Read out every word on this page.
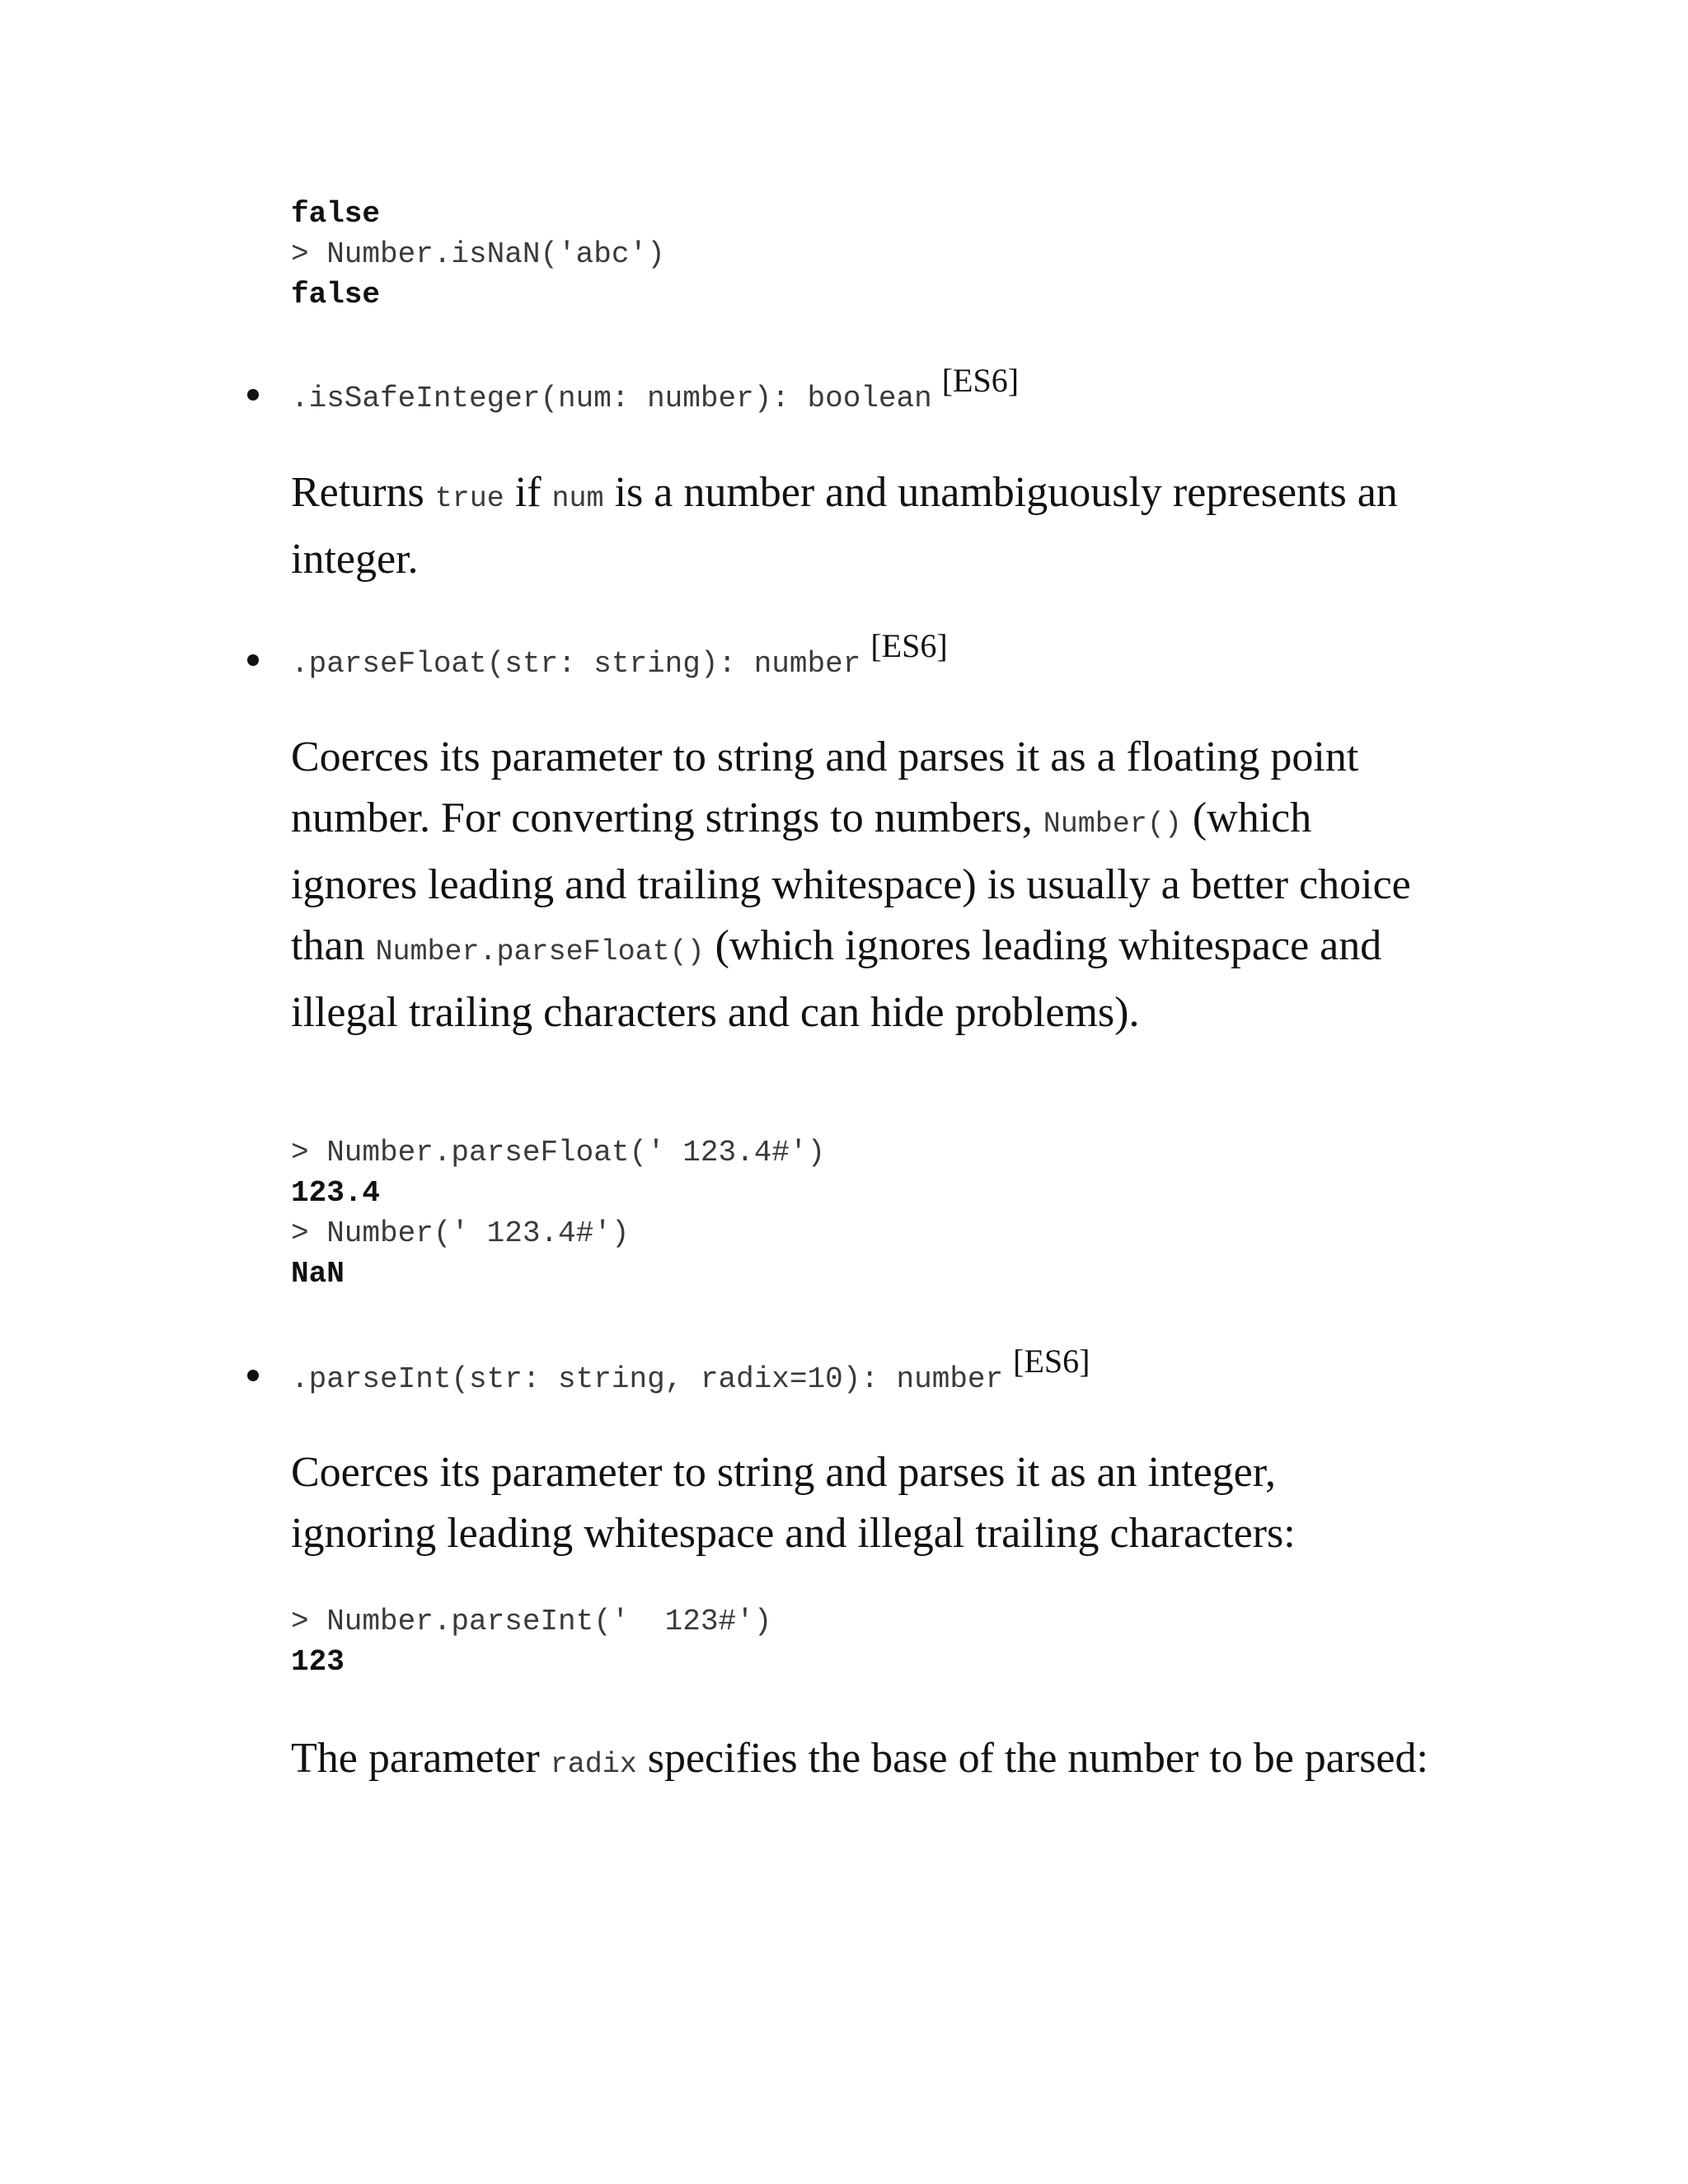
false
> Number.isNaN('abc')
false
.isSafeInteger(num: number): boolean [ES6]

Returns true if num is a number and unambiguously represents an integer.

.parseFloat(str: string): number [ES6]

Coerces its parameter to string and parses it as a floating point number. For converting strings to numbers, Number() (which ignores leading and trailing whitespace) is usually a better choice than Number.parseFloat() (which ignores leading whitespace and illegal trailing characters and can hide problems).

> Number.parseFloat(' 123.4#')
123.4
> Number(' 123.4#')
NaN
.parseInt(str: string, radix=10): number [ES6]

Coerces its parameter to string and parses it as an integer, ignoring leading whitespace and illegal trailing characters:

> Number.parseInt('  123#')
123

The parameter radix specifies the base of the number to be parsed:
